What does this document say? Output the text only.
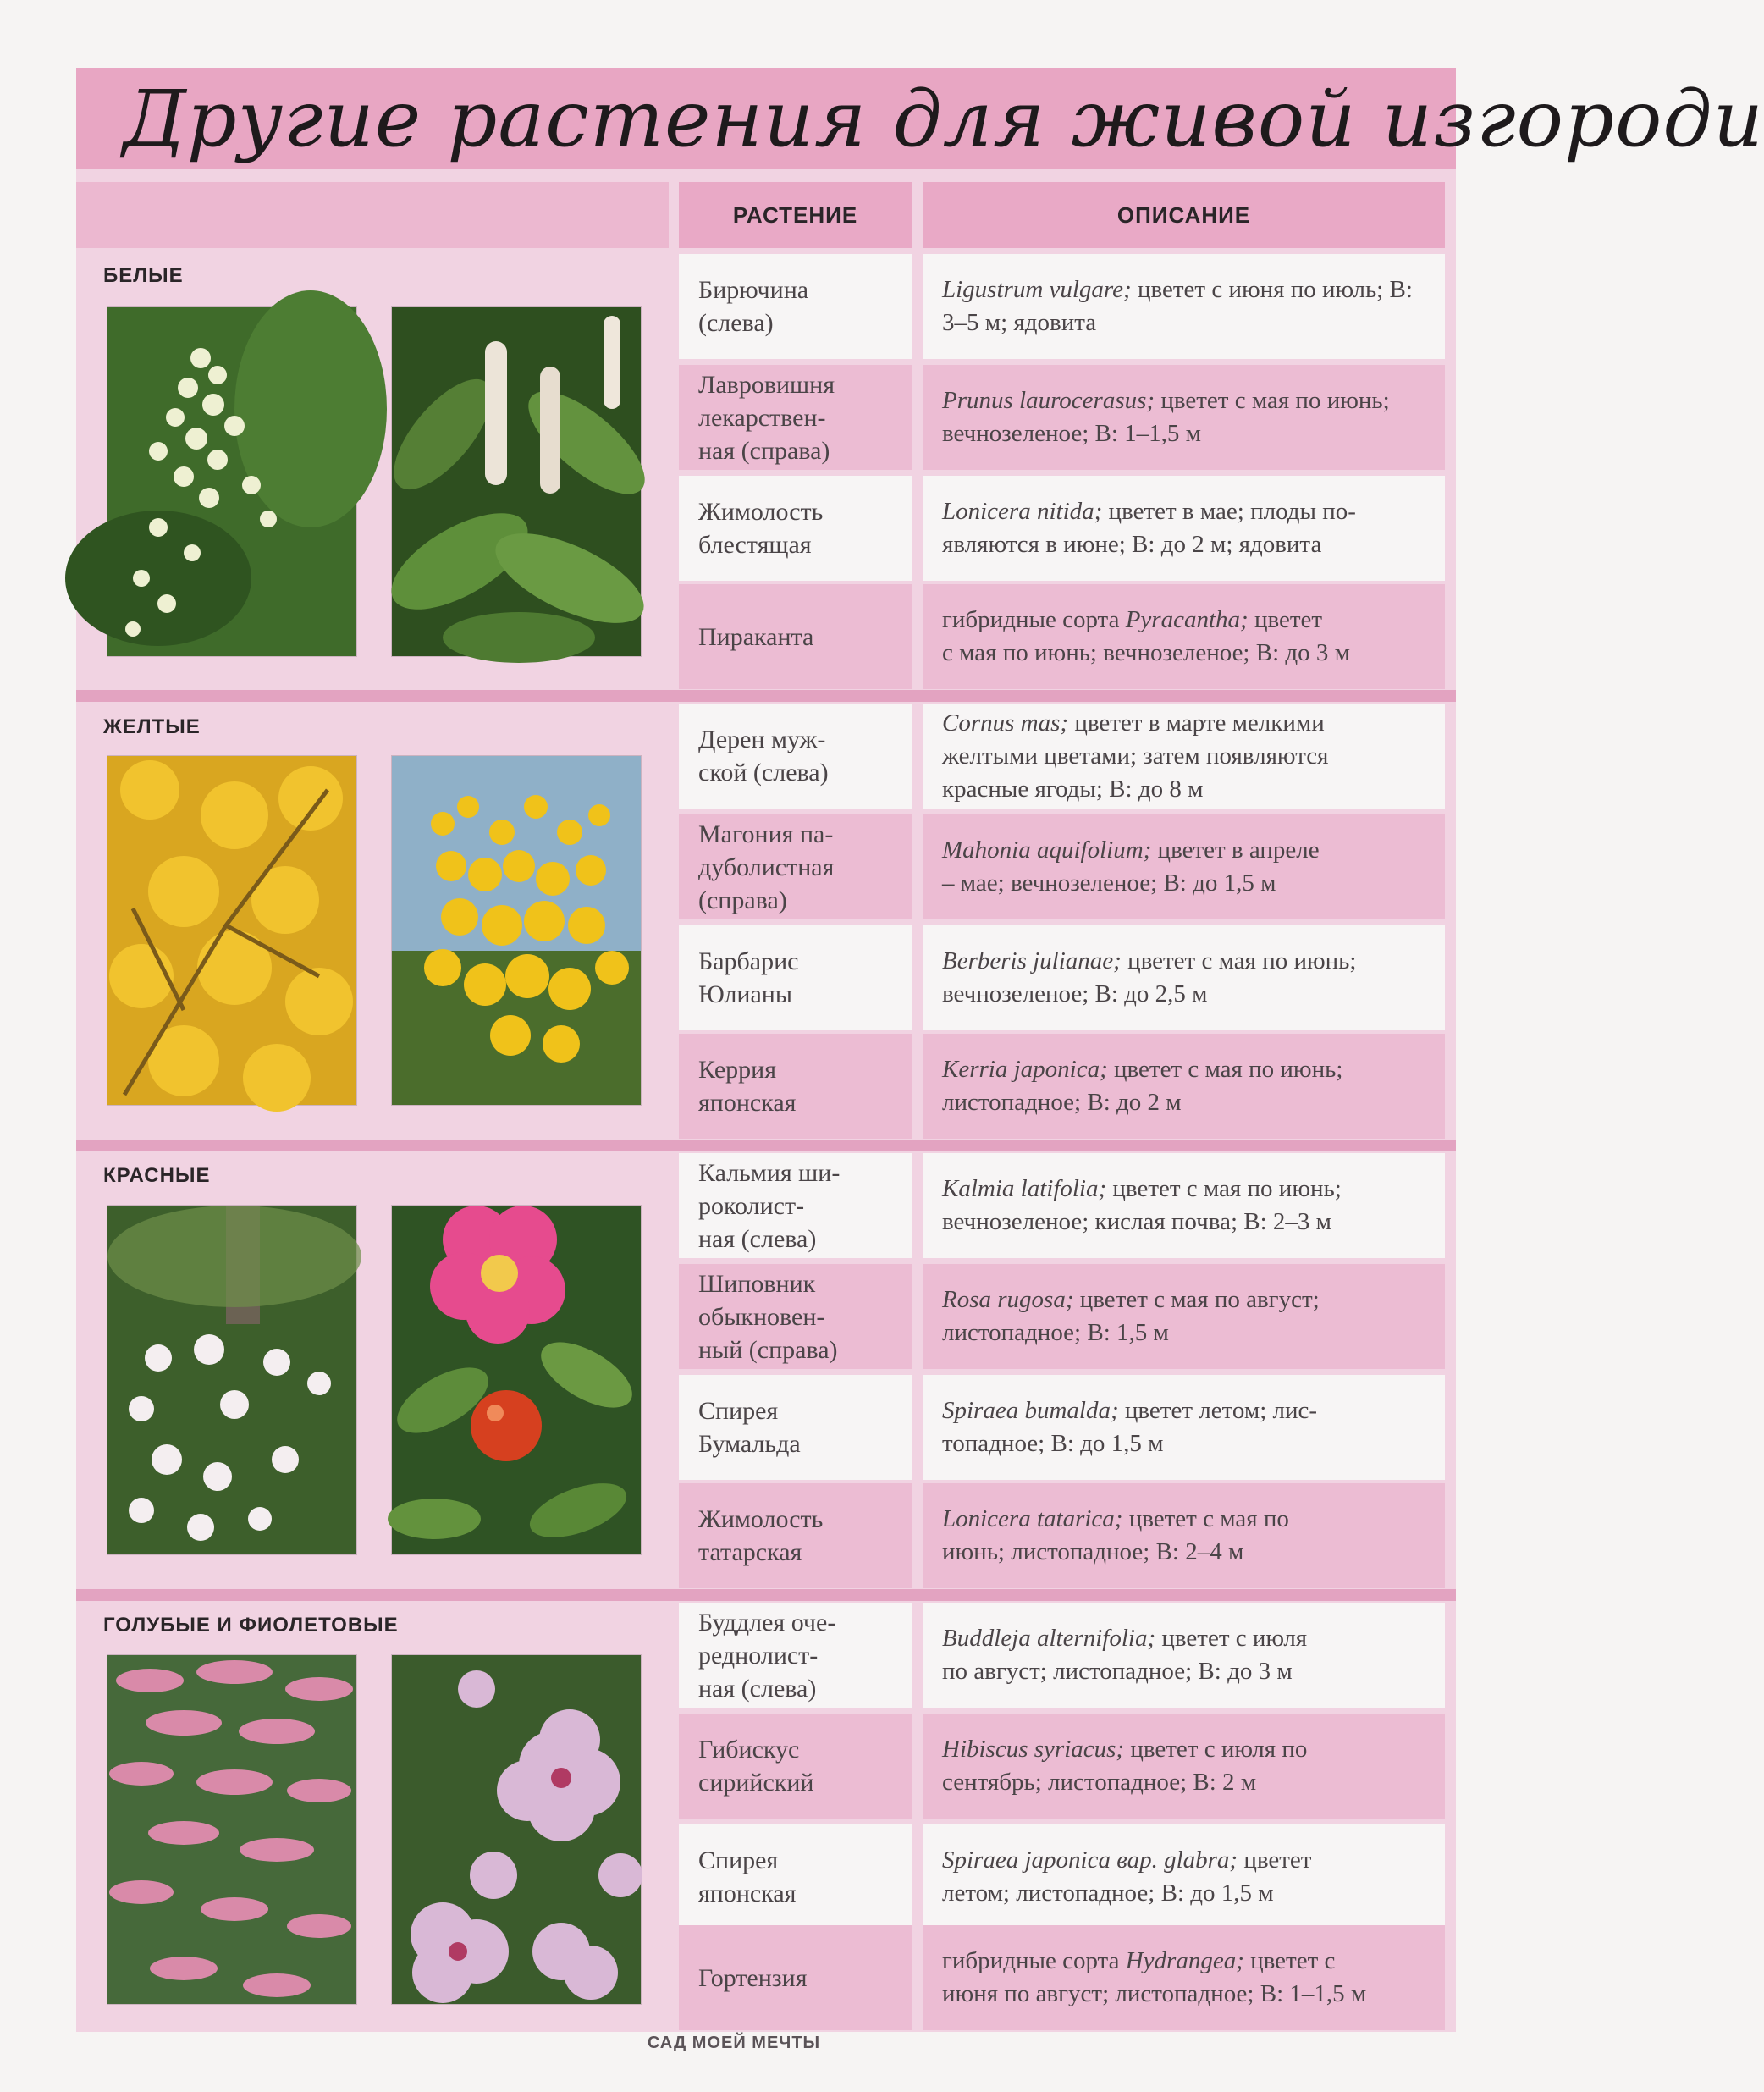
Другие растения для живой изгороди
РАСТЕНИЕ	ОПИСАНИЕ
БЕЛЫЕ
ЖЕЛТЫЕ
КРАСНЫЕ
ГОЛУБЫЕ И ФИОЛЕТОВЫЕ
Бирючина
(слева)
Ligustrum vulgare; цветет с июня по июль; В: 3–5 м; ядовита
Лавровишня
лекарствен-
ная (справа)
Prunus laurocerasus; цветет с мая по июнь; вечнозеленое; В: 1–1,5 м
Жимолость
блестящая
Lonicera nitida; цветет в мае; плоды по-
являются в июне; В: до 2 м; ядовита
Пираканта
гибридные сорта Pyracantha; цветет
с мая по июнь; вечнозеленое; В: до 3 м
Дерен муж-
ской (слева)
Cornus mas; цветет в марте мелкими
желтыми цветами; затем появляются
красные ягоды; В: до 8 м
Магония па-
дуболистная
(справа)
Mahonia aquifolium; цветет в апреле
– мае; вечнозеленое; В: до 1,5 м
Барбарис
Юлианы
Berberis julianae; цветет с мая по июнь;
вечнозеленое; В: до 2,5 м
Керрия
японская
Kerria japonica; цветет с мая по июнь;
листопадное; В: до 2 м
Кальмия ши-
роколист-
ная (слева)
Kalmia latifolia; цветет с мая по июнь;
вечнозеленое; кислая почва; В: 2–3 м
Шиповник
обыкновен-
ный (справа)
Rosa rugosa; цветет с мая по август;
листопадное; В: 1,5 м
Спирея
Бумальда
Spiraea bumalda; цветет летом; лис-
топадное; В: до 1,5 м
Жимолость
татарская
Lonicera tatarica; цветет с мая по
июнь; листопадное; В: 2–4 м
Буддлея оче-
реднолист-
ная (слева)
Buddleja alternifolia; цветет с июля
по август; листопадное; В: до 3 м
Гибискус
сирийский
Hibiscus syriacus; цветет с июля по
сентябрь; листопадное; В: 2 м
Спирея
японская
Spiraea japonica вар. glabra; цветет
летом; листопадное; В: до 1,5 м
Гортензия
гибридные сорта Hydrangea; цветет с
июня по август; листопадное; В: 1–1,5 м
САД МОЕЙ МЕЧТЫ
